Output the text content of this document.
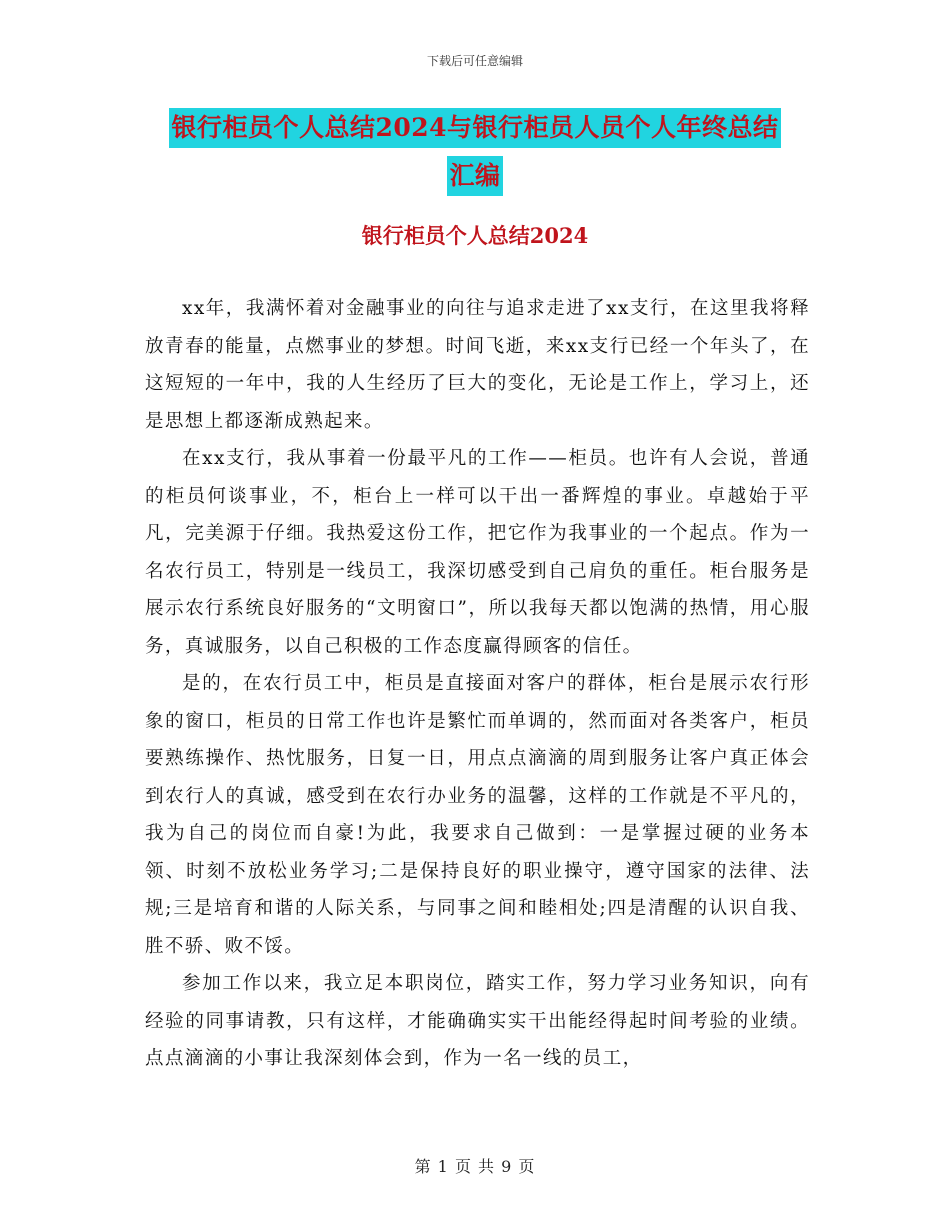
下载后可任意编辑
银行柜员个人总结2024与银行柜员人员个人年终总结
汇编
银行柜员个人总结2024

xx年，我满怀着对金融事业的向往与追求走进了xx支行，在这里我将释放青春的能量，点燃事业的梦想。时间飞逝，来xx支行已经一个年头了，在这短短的一年中，我的人生经历了巨大的变化，无论是工作上，学习上，还是思想上都逐渐成熟起来。

在xx支行，我从事着一份最平凡的工作——柜员。也许有人会说，普通的柜员何谈事业，不，柜台上一样可以干出一番辉煌的事业。卓越始于平凡，完美源于仔细。我热爱这份工作，把它作为我事业的一个起点。作为一名农行员工，特别是一线员工，我深切感受到自己肩负的重任。柜台服务是展示农行系统良好服务的“文明窗口”，所以我每天都以饱满的热情，用心服务，真诚服务，以自己积极的工作态度赢得顾客的信任。

是的，在农行员工中，柜员是直接面对客户的群体，柜台是展示农行形象的窗口，柜员的日常工作也许是繁忙而单调的，然而面对各类客户，柜员要熟练操作、热忱服务，日复一日，用点点滴滴的周到服务让客户真正体会到农行人的真诚，感受到在农行办业务的温馨，这样的工作就是不平凡的，我为自己的岗位而自豪!为此，我要求自己做到：一是掌握过硬的业务本领、时刻不放松业务学习;二是保持良好的职业操守，遵守国家的法律、法规;三是培育和谐的人际关系，与同事之间和睦相处;四是清醒的认识自我、胜不骄、败不馁。

参加工作以来，我立足本职岗位，踏实工作，努力学习业务知识，向有经验的同事请教，只有这样，才能确确实实干出能经得起时间考验的业绩。点点滴滴的小事让我深刻体会到，作为一名一线的员工，

第 1 页 共 9 页
